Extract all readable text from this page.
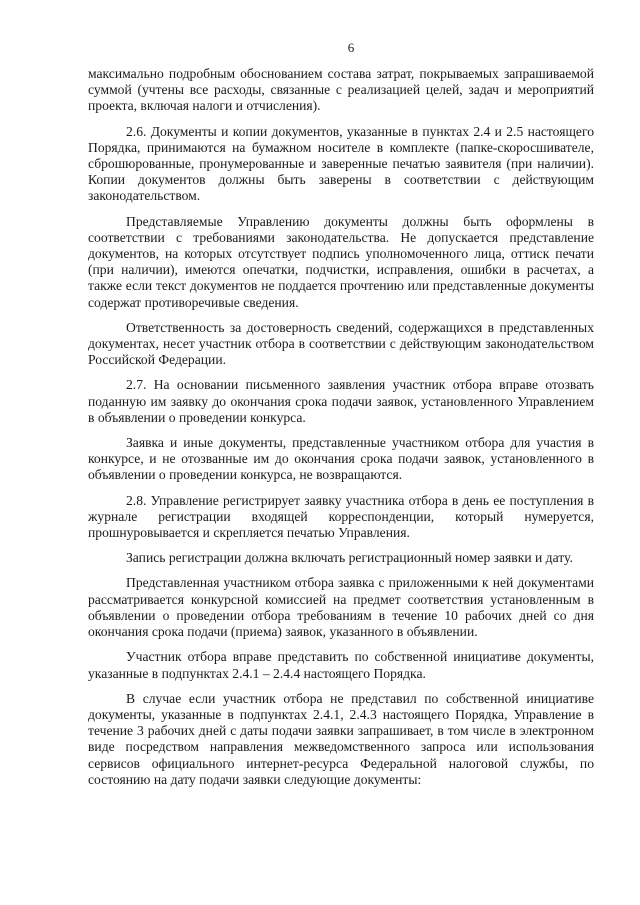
6

максимально подробным обоснованием состава затрат, покрываемых запрашиваемой суммой (учтены все расходы, связанные с реализацией целей, задач и мероприятий проекта, включая налоги и отчисления).

2.6. Документы и копии документов, указанные в пунктах 2.4 и 2.5 настоящего Порядка, принимаются на бумажном носителе в комплекте (папке-скоросшивателе, сброшюрованные, пронумерованные и заверенные печатью заявителя (при наличии). Копии документов должны быть заверены в соответствии с действующим законодательством.

Представляемые Управлению документы должны быть оформлены в соответствии с требованиями законодательства. Не допускается представление документов, на которых отсутствует подпись уполномоченного лица, оттиск печати (при наличии), имеются опечатки, подчистки, исправления, ошибки в расчетах, а также если текст документов не поддается прочтению или представленные документы содержат противоречивые сведения.

Ответственность за достоверность сведений, содержащихся в представленных документах, несет участник отбора в соответствии с действующим законодательством Российской Федерации.

2.7. На основании письменного заявления участник отбора вправе отозвать поданную им заявку до окончания срока подачи заявок, установленного Управлением в объявлении о проведении конкурса.

Заявка и иные документы, представленные участником отбора для участия в конкурсе, и не отозванные им до окончания срока подачи заявок, установленного в объявлении о проведении конкурса, не возвращаются.

2.8. Управление регистрирует заявку участника отбора в день ее поступления в журнале регистрации входящей корреспонденции, который нумеруется, прошнуровывается и скрепляется печатью Управления.

Запись регистрации должна включать регистрационный номер заявки и дату.

Представленная участником отбора заявка с приложенными к ней документами рассматривается конкурсной комиссией на предмет соответствия установленным в объявлении о проведении отбора требованиям в течение 10 рабочих дней со дня окончания срока подачи (приема) заявок, указанного в объявлении.

Участник отбора вправе представить по собственной инициативе документы, указанные в подпунктах 2.4.1 – 2.4.4 настоящего Порядка.

В случае если участник отбора не представил по собственной инициативе документы, указанные в подпунктах 2.4.1, 2.4.3 настоящего Порядка, Управление в течение 3 рабочих дней с даты подачи заявки запрашивает, в том числе в электронном виде посредством направления межведомственного запроса или использования сервисов официального интернет-ресурса Федеральной налоговой службы, по состоянию на дату подачи заявки следующие документы:
